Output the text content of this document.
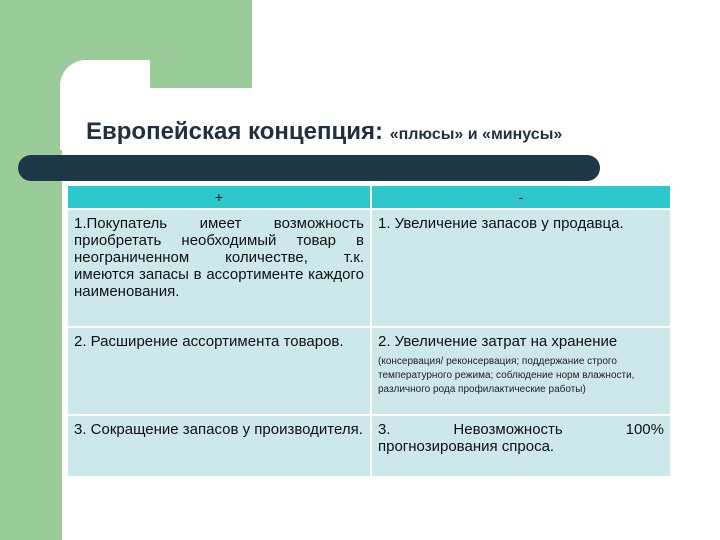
Европейская концепция: «плюсы» и «минусы»
+	-
1.Покупатель имеет возможность приобретать необходимый товар в неограниченном количестве, т.к. имеются запасы в ассортименте каждого наименования.	1. Увеличение запасов у продавца.
2. Расширение ассортимента товаров.	2. Увеличение затрат на хранение
(консервация/ реконсервация; поддержание строго температурного режима; соблюдение норм влажности, различного рода профилактические работы)

3. Сокращение запасов у производителя.	3. Невозможность 100% прогнозирования спроса.
